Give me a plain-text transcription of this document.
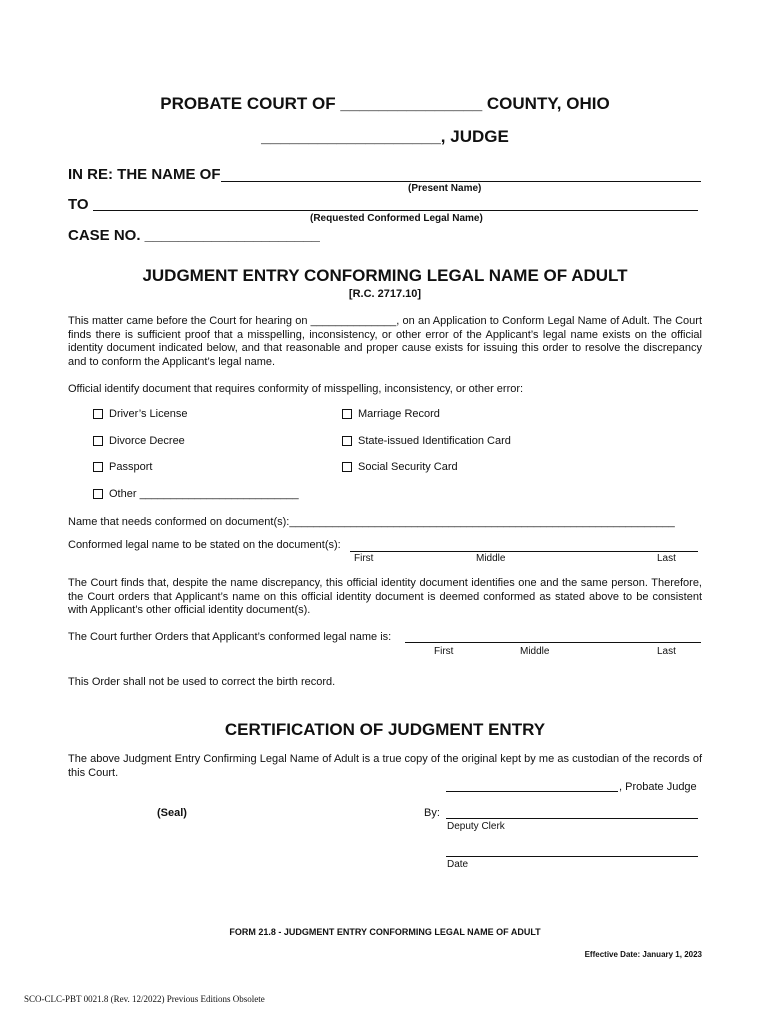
PROBATE COURT OF _______________ COUNTY, OHIO
___________________, JUDGE
IN RE: THE NAME OF
(Present Name)
TO
(Requested Conformed Legal Name)
CASE NO. _____________________
JUDGMENT ENTRY CONFORMING LEGAL NAME OF ADULT
[R.C. 2717.10]
This matter came before the Court for hearing on ______________, on an Application to Conform Legal Name of Adult. The Court finds there is sufficient proof that a misspelling, inconsistency, or other error of the Applicant’s legal name exists on the official identity document indicated below, and that reasonable and proper cause exists for issuing this order to resolve the discrepancy and to conform the Applicant’s legal name.
Official identify document that requires conformity of misspelling, inconsistency, or other error:
Driver’s License	Marriage Record
Divorce Decree	State-issued Identification Card
Passport	Social Security Card
Other __________________________
Name that needs conformed on document(s):_______________________________________________________________
Conformed legal name to be stated on the document(s):
First	Middle	Last
The Court finds that, despite the name discrepancy, this official identity document identifies one and the same person. Therefore, the Court orders that Applicant’s name on this official identity document is deemed conformed as stated above to be consistent with Applicant’s other official identity document(s).
The Court further Orders that Applicant’s conformed legal name is:
First	Middle	Last
This Order shall not be used to correct the birth record.
CERTIFICATION OF JUDGMENT ENTRY
The above Judgment Entry Confirming Legal Name of Adult is a true copy of the original kept by me as custodian of the records of this Court.
, Probate Judge
(Seal)	By:
Deputy Clerk
Date
FORM 21.8 - JUDGMENT ENTRY CONFORMING LEGAL NAME OF ADULT
Effective Date: January 1, 2023
SCO-CLC-PBT 0021.8 (Rev. 12/2022) Previous Editions Obsolete
